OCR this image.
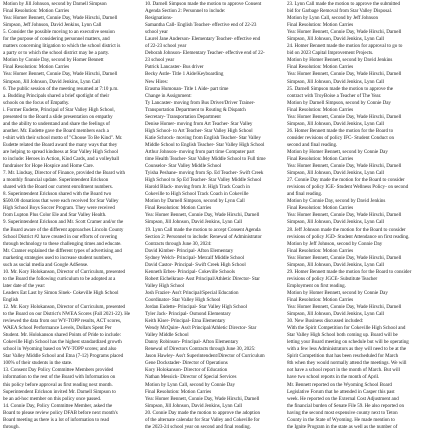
Motion by Jill Johnson, second by Darnell Simpson
Final Resolution: Motion Carries
Yea: Homer Bennett, Connie Day, Wade Hirschi, Darnell
Simpson, Jeff Johnson, David Jenkins, Lynn Call
5. Consider the possible moving to an executive session
for the purpose of considering personnel matters, and
matters concerning litigation to which the school district is
a party or to which the school district may be a party.
Motion by Connie Day, second by Homer Bennett
Final Resolution: Motion Carries
Yea: Homer Bennett, Connie Day, Wade Hirschi, Darnell
Simpson, Jill Johnson, David Jenkins, Lynn Call
6. The public session of the meeting resumed at 7:10 p.m.
a. Budding Principals shared a brief spotlight of their
schools on the focus of Empathy.
i. Former Eudette, Principal of Star Valley High School,
presented to the Board a slide presentation on empathy
and the ability to understand and share the feelings of
another. Mr. Eudette gave the Board members each a
t-shirt with their school motto of "Choose To Be Kind". Mr.
Eudette related the Board award the many ways that they
are helping to spread kindness at Star Valley High School
to include: Heroes in Action, Kind Cards, and a volleyball
fundraiser for Hope Hospice and Home Care.
7. Mr. Lindsay, Director of Finance, provided the Board with
a monthly financial update. Superintendent Erickson
shared with the Board our current enrollment numbers.
8. Superintendent Erickson shared with the Board two
$500.00 donations that were each received for Star Valley
High School Boys Soccer Program. They were received
from Lupton Plus Color Ele and Star Valley Health.
9. Superintendent Erickson and Mr. Scott Cramer and/or the
the Board aware of the different approaches Lincoln County
School District #2 have created in our efforts of covering
through technology to these challenging times and educate.
Mr. Cramer explained the different types of advertising and
marketing strategies used to increase student numbers,
such as social media and Google AdSense.
10. Mr. Kory Holokanson, Director of Curriculum, presented
to the Board the following curriculum to be adopted at a
later date of the year:
Leaders Eat Last by Simon Sinek- Cokeville High School
English
12. Mr. Kory Holokanson, Director of Curriculum, presented
to the Board on our District's NWEA Scores (Fall 2021-22). He
reviewed the data from our WY-TOPP results, ACT scores,
WAEA School Performance Levels, Dollars Spent Per
Student. Mr. Holokanson shared Points of Pride to include:
Cokeville High School has the highest standardized growth
school in Wyoming based on WY-TOPP scores; and also
Star Valley Middle School and Etna (7-12) Programs placed
100% of their students in the state.
13. Consent Day Policy Committee Members provided
information to the rest of the Board with Information on
this policy before approval as first reading next month.
Superintendent Erickson invited Mr. Darnell Simpson to
be an ad-hoc member on this policy once passed.
14. Connie Day, Policy Committee Member, asked the
Board to please review policy DFAB before next month's
Board meeting as there is a lot of information to read
through.
10. Darnell Simpson made the motion to approve Consent
Agenda Section 2: Personnel to include:
Resignations-
Samantha Call- English Teacher- effective end of 22-23
school year
Laurel Jane Anderson- Elementary Teacher- effective end
of 22-23 school year
Deborah Johnson- Elementary Teacher- effective end of 22-
23 school year
Patrick Lancaster- Bus driver
Becky Astle- Title 1 Aide/Keyboarding
New Hires:
Erasma Humonan- Title 1 Aide- part time
Change in Assignment:
Ty Lancaster- moving from Bus Driver/Driver Trainer-
Transportation Department to Routing & Dispatch
Secretary- Transportation Department
Denise Homer- moving from Art Teacher- Star Valley
High School- to Art Teacher- Star Valley High School
Katie Schrock- moving from English Teacher- Star Valley
Middle School to English Teacher- Star Valley High School
Arthur Johnson- moving from part time Computer part
time Health Teacher- Star Valley Middle School to Full time
Counselor- Star Valley Middle School
Tyisha Peshane- moving from Sp. Ed Teacher- Swift Creek
High School to Sp Ed Teacher- Star Valley Middle School
Harold Black- moving from Jr. High Track Coach in
Cokeville to High School Track Coach in Cokeville
Motion by Darnell Simpson, second by Lynn Call
Final Resolution: Motion Carries
Yea: Homer Bennett, Connie Day, Wade Hirschi, Darnell
Simpson, Jill Johnson, David Jenkins, Lynn Call
19. Lynn Call made the motion to accept Consent Agenda
Section 2: Personnel to include: Renewal of Administrator
Contracts through June 30, 2024:
David Kimber- Principal- Afton Elementary
Sydney Welch- Principal- Metcalf Middle School
David Castor- Principal- Swift Creek High School
Kenneth Erbes- Principal- Cokeville Schools
Robert Eichelkraut- Asst Principal/Athletic Director- Star
Valley High School
Josh Frazier- Ass't Principal/Special Education
Coordinator- Star Valley High School
Jordan Eudette- Principal- Star Valley High School
Tyler Jack- Principal- Osmond Elementary
Keith Kiser- Principal- Etna Elementary
Wendy McQuire- Ass't Principal/Athletic Director- Star
Valley Middle School
Danny Robinson- Principal- Afton Elementary
Renewal of Directors Contracts through June 30, 2025:
Jason Hawley- Ass't Superintendent/Director of Curriculum
Gene Dockstader- Director of Operations
Kory Holokanson- Director of Education
Nathan Messick- Director of Special Services
Motion by Lynn Call, second by Connie Day
Final Resolution: Motion Carries
Yea: Homer Bennett, Connie Day, Wade Hirschi, Darnell
Simpson, Jill Johnson, David Jenkins, Lynn Call
20. Connie Day made the motion to approve the adoption
of the alternate calendar for Star Valley and Cokeville for
the 2023-24 school year on second and final reading.
23. Lynn Call made the motion to approve the submitted
bid for Garbage Removal from Star Valley Disposal.
Motion by Lynn Call, second by Jeff Johnson
Final Resolution: Motion Carries
Yea: Homer Bennett, Connie Day, Wade Hirschi, Darnell
Simpson, Jill Johnson, David Jenkins, Lynn Call
24. Homer Bennett made the motion for approval to go to
bid on 2023 Capital Improvement Projects.
Motion by Homer Bennett, second by David Jenkins
Final Resolution: Motion Carries
Yea: Homer Bennett, Connie Day, Wade Hirschi, Darnell
Simpson, Jill Johnson, David Jenkins, Lynn Call
25. Darnell Simpson made the motion to approve the
contract with TroyBoise a Teacher of The Year.
Motion by Darnell Simpson, second by Connie Day
Final Resolution: Motion Carries
Yea: Homer Bennett, Connie Day, Wade Hirschi, Darnell
Simpson, Jill Johnson, David Jenkins, Lynn Call
26. Homer Bennett made the motion for the Board to
consider revisions of policy IFC- Student Conduct on
second and final reading.
Motion by Homer Bennett, second by Connie Day
Final Resolution: Motion Carries
Yea: Homer Bennett, Connie Day, Wade Hirschi, Darnell
Simpson, Jill Johnson, David Jenkins, Lynn Call
27. Connie Day made the motion for the Board to consider
revisions of policy IGE- Student Wellness Policy- on second
and final reading.
Motion by Connie Day, second by David Jenkins
Final Resolution: Motion Carries
Yea: Homer Bennett, Connie Day, Wade Hirschi, Darnell
Simpson, Jill Johnson, David Jenkins, Lynn Call
28. Jeff Johnson made the motion for the Board to consider
revisions of policy JGD- Student Attendance on first reading.
Motion by Jeff Johnson, second by Connie Day
Final Resolution: Motion Carries
Yea: Homer Bennett, Connie Day, Wade Hirschi, Darnell
Simpson, Jill Johnson, David Jenkins, Lynn Call
29. Homer Bennett made the motion for the Board to consider
revisions of policy JGCE- Substitute Teacher
Employment on first reading.
Motion by Homer Bennett, second by Connie Day
Final Resolution: Motion Carries
Yea: Homer Bennett, Connie Day, Wade Hirschi, Darnell
Simpson, Jill Johnson, David Jenkins, Lynn Call
30. New Business discussed included:
With the Spirit Competition for Cokeville High School and
Star Valley High School both coming up. Board will be
letting your Board meeting on schedule but will be operating
with a few less Administrators as they will need to be at the
Spirit Competition that has been rescheduled for March
8th when they would normally attend the meetings. We will
not have a school report in the month of March. But will
have two school reports in the month of April.
Mr. Bennett reported on the Wyoming School Board
Legislative Forum that he attended in Casper this past
week. He reported on the External Cost Adjustment and
the financial burden of Senate File 59. He also reported on
having the second most expensive county next to Teton
County in the State of Wyoming. He made mention to
the Ignite Program in the state as well as the number of
